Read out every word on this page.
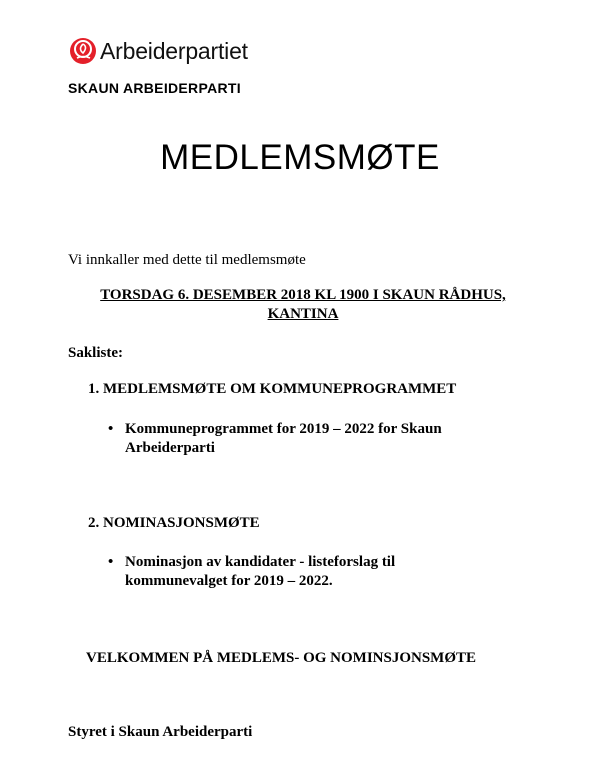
Arbeiderpartiet
SKAUN ARBEIDERPARTI
MEDLEMSMØTE
Vi innkaller med dette til medlemsmøte
TORSDAG 6. DESEMBER 2018 KL 1900 I SKAUN RÅDHUS,
KANTINA
Sakliste:
1. MEDLEMSMØTE OM KOMMUNEPROGRAMMET
• Kommuneprogrammet for 2019 – 2022 for Skaun
Arbeiderparti
2. NOMINASJONSMØTE
• Nominasjon av kandidater - listeforslag til
kommunevalget for 2019 – 2022.
VELKOMMEN PÅ MEDLEMS- OG NOMINSJONSMØTE
Styret i Skaun Arbeiderparti
